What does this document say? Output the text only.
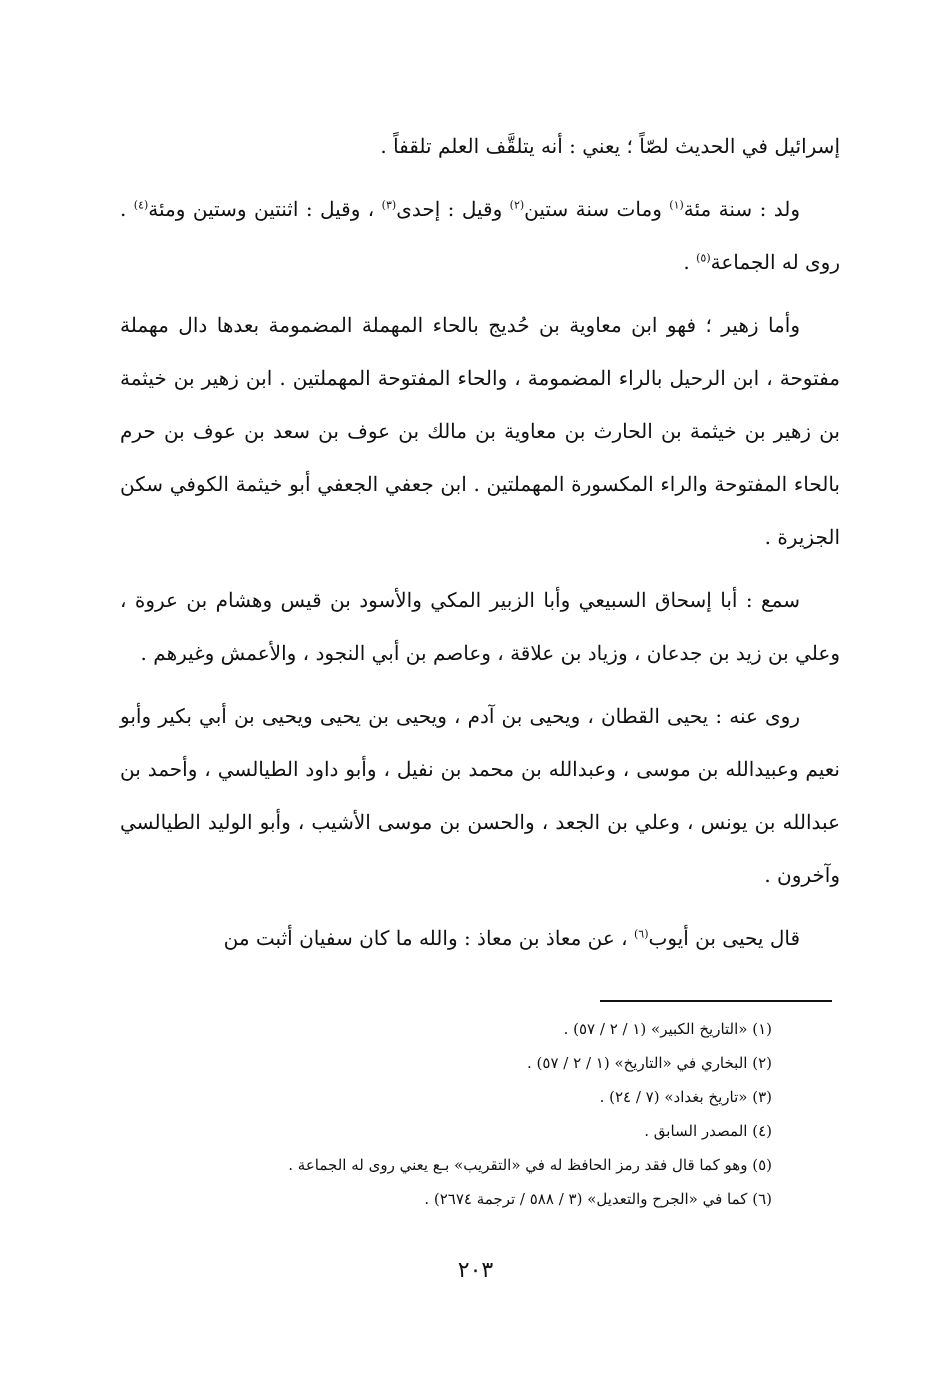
إسرائيل في الحديث لصّاً ؛ يعني : أنه يتلقَّف العلم تلقفاً .

ولد : سنة مئة$^{(١)}$ ومات سنة ستين$^{(٢)}$ وقيل : إحدى$^{(٣)}$ ، وقيل : اثنتين وستين ومئة$^{(٤)}$ . روى له الجماعة$^{(٥)}$ .

وأما زهير ؛ فهو ابن معاوية بن حُديج بالحاء المهملة المضمومة بعدها دال مهملة مفتوحة ، ابن الرحيل بالراء المضمومة ، والحاء المفتوحة المهملتين . ابن زهير بن خيثمة بن زهير بن خيثمة بن الحارث بن معاوية بن مالك بن عوف بن سعد بن عوف بن حرم بالحاء المفتوحة والراء المكسورة المهملتين . ابن جعفي الجعفي أبو خيثمة الكوفي سكن الجزيرة .

سمع : أبا إسحاق السبيعي وأبا الزبير المكي والأسود بن قيس وهشام بن عروة ، وعلي بن زيد بن جدعان ، وزياد بن علاقة ، وعاصم بن أبي النجود ، والأعمش وغيرهم .

روى عنه : يحيى القطان ، ويحيى بن آدم ، ويحيى بن يحيى ويحيى بن أبي بكير وأبو نعيم وعبيدالله بن موسى ، وعبدالله بن محمد بن نفيل ، وأبو داود الطيالسي ، وأحمد بن عبدالله بن يونس ، وعلي بن الجعد ، والحسن بن موسى الأشيب ، وأبو الوليد الطيالسي وآخرون .

قال يحيى بن أيوب$^{(٦)}$ ، عن معاذ بن معاذ : والله ما كان سفيان أثبت من

(١) «التاريخ الكبير» (١ / ٢ / ٥٧) .

(٢) البخاري في «التاريخ» (١ / ٢ / ٥٧) .

(٣) «تاريخ بغداد» (٧ / ٢٤) .

(٤) المصدر السابق .

(٥) وهو كما قال فقد رمز الحافظ له في «التقريب» بـع يعني روى له الجماعة .

(٦) كما في «الجرح والتعديل» (٣ / ٥٨٨ / ترجمة ٢٦٧٤) .

٢٠٣
